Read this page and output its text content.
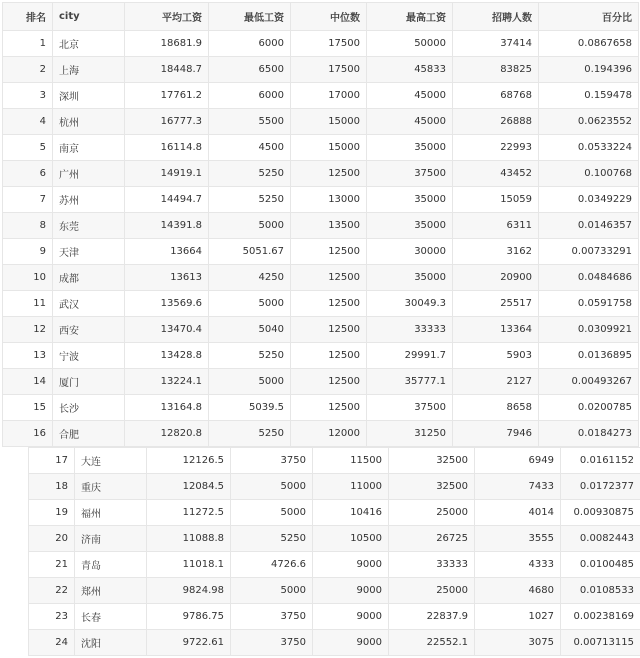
排名	city	平均工资	最低工资	中位数	最高工资	招聘人数	百分比
1	北京	18681.9	6000	17500	50000	37414	0.0867658
2	上海	18448.7	6500	17500	45833	83825	0.194396
3	深圳	17761.2	6000	17000	45000	68768	0.159478
4	杭州	16777.3	5500	15000	45000	26888	0.0623552
5	南京	16114.8	4500	15000	35000	22993	0.0533224
6	广州	14919.1	5250	12500	37500	43452	0.100768
7	苏州	14494.7	5250	13000	35000	15059	0.0349229
8	东莞	14391.8	5000	13500	35000	6311	0.0146357
9	天津	13664	5051.67	12500	30000	3162	0.00733291
10	成都	13613	4250	12500	35000	20900	0.0484686
11	武汉	13569.6	5000	12500	30049.3	25517	0.0591758
12	西安	13470.4	5040	12500	33333	13364	0.0309921
13	宁波	13428.8	5250	12500	29991.7	5903	0.0136895
14	厦门	13224.1	5000	12500	35777.1	2127	0.00493267
15	长沙	13164.8	5039.5	12500	37500	8658	0.0200785
16	合肥	12820.8	5250	12000	31250	7946	0.0184273
17	大连	12126.5	3750	11500	32500	6949	0.0161152
18	重庆	12084.5	5000	11000	32500	7433	0.0172377
19	福州	11272.5	5000	10416	25000	4014	0.00930875
20	济南	11088.8	5250	10500	26725	3555	0.0082443
21	青岛	11018.1	4726.6	9000	33333	4333	0.0100485
22	郑州	9824.98	5000	9000	25000	4680	0.0108533
23	长春	9786.75	3750	9000	22837.9	1027	0.00238169
24	沈阳	9722.61	3750	9000	22552.1	3075	0.00713115
